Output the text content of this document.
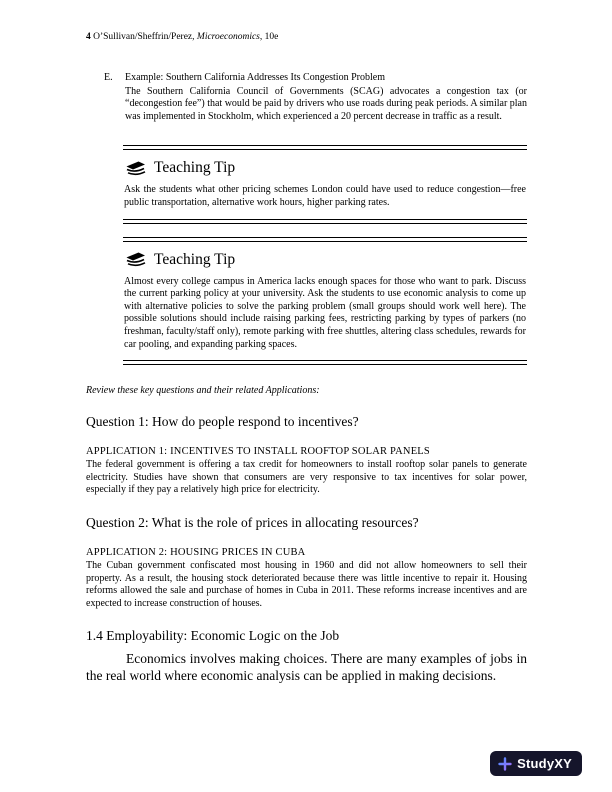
4 O’Sullivan/Sheffrin/Perez, Microeconomics, 10e
E.	Example: Southern California Addresses Its Congestion Problem
The Southern California Council of Governments (SCAG) advocates a congestion tax (or “decongestion fee”) that would be paid by drivers who use roads during peak periods. A similar plan was implemented in Stockholm, which experienced a 20 percent decrease in traffic as a result.
Teaching Tip
Ask the students what other pricing schemes London could have used to reduce congestion—free public transportation, alternative work hours, higher parking rates.
Teaching Tip
Almost every college campus in America lacks enough spaces for those who want to park. Discuss the current parking policy at your university. Ask the students to use economic analysis to come up with alternative policies to solve the parking problem (small groups should work well here). The possible solutions should include raising parking fees, restricting parking by types of parkers (no freshman, faculty/staff only), remote parking with free shuttles, altering class schedules, rewards for car pooling, and expanding parking spaces.
Review these key questions and their related Applications:
Question 1: How do people respond to incentives?
APPLICATION 1: INCENTIVES TO INSTALL ROOFTOP SOLAR PANELS
The federal government is offering a tax credit for homeowners to install rooftop solar panels to generate electricity. Studies have shown that consumers are very responsive to tax incentives for solar power, especially if they pay a relatively high price for electricity.
Question 2: What is the role of prices in allocating resources?
APPLICATION 2: HOUSING PRICES IN CUBA
The Cuban government confiscated most housing in 1960 and did not allow homeowners to sell their property. As a result, the housing stock deteriorated because there was little incentive to repair it. Housing reforms allowed the sale and purchase of homes in Cuba in 2011. These reforms increase incentives and are expected to increase construction of houses.
1.4 Employability: Economic Logic on the Job
Economics involves making choices. There are many examples of jobs in the real world where economic analysis can be applied in making decisions.
StudyXY
